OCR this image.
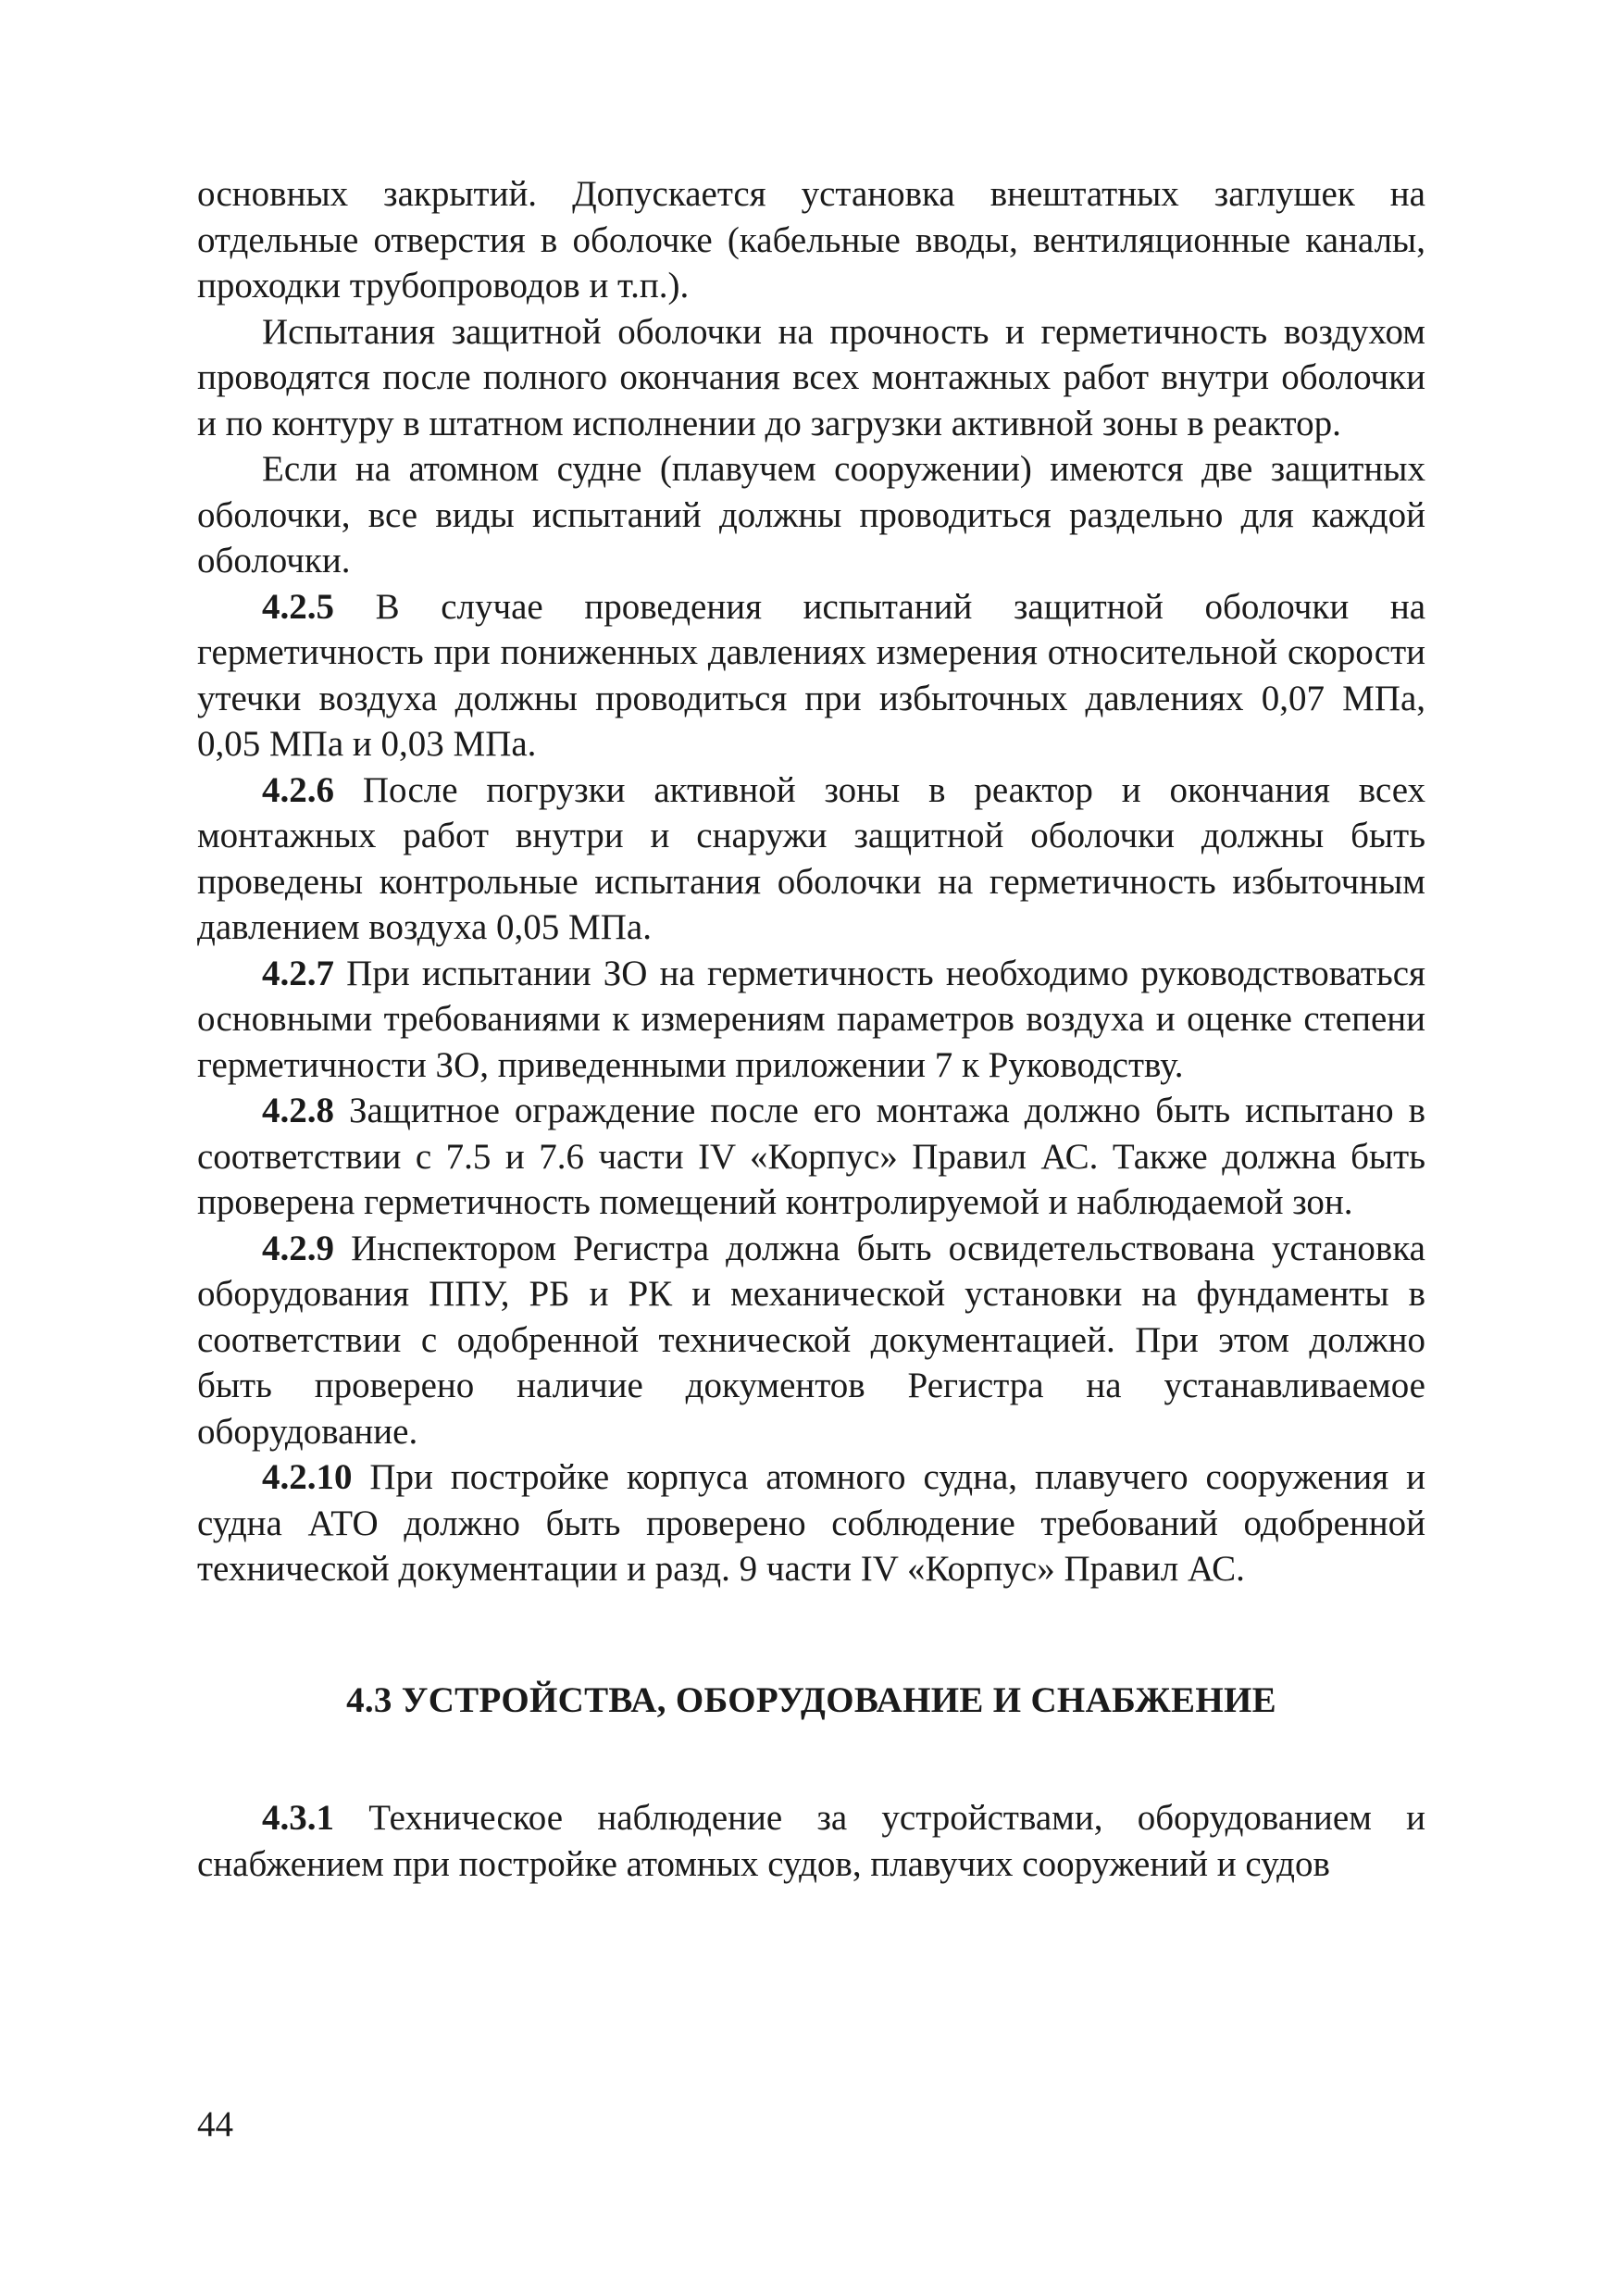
основных закрытий. Допускается установка внештатных заглушек на отдельные отверстия в оболочке (кабельные вводы, вентиляционные каналы, проходки трубопроводов и т.п.).

Испытания защитной оболочки на прочность и герметичность воздухом проводятся после полного окончания всех монтажных работ внутри оболочки и по контуру в штатном исполнении до загрузки активной зоны в реактор.

Если на атомном судне (плавучем сооружении) имеются две защитных оболочки, все виды испытаний должны проводиться раздельно для каждой оболочки.

4.2.5 В случае проведения испытаний защитной оболочки на герметичность при пониженных давлениях измерения относительной скорости утечки воздуха должны проводиться при избыточных давлениях 0,07 МПа, 0,05 МПа и 0,03 МПа.

4.2.6 После погрузки активной зоны в реактор и окончания всех монтажных работ внутри и снаружи защитной оболочки должны быть проведены контрольные испытания оболочки на герметичность избыточным давлением воздуха 0,05 МПа.

4.2.7 При испытании ЗО на герметичность необходимо руководствоваться основными требованиями к измерениям параметров воздуха и оценке степени герметичности ЗО, приведенными приложении 7 к Руководству.

4.2.8 Защитное ограждение после его монтажа должно быть испытано в соответствии с 7.5 и 7.6 части IV «Корпус» Правил АС. Также должна быть проверена герметичность помещений контролируемой и наблюдаемой зон.

4.2.9 Инспектором Регистра должна быть освидетельствована установка оборудования ППУ, РБ и РК и механической установки на фундаменты в соответствии с одобренной технической документацией. При этом должно быть проверено наличие документов Регистра на устанавливаемое оборудование.

4.2.10 При постройке корпуса атомного судна, плавучего сооружения и судна АТО должно быть проверено соблюдение требований одобренной технической документации и разд. 9 части IV «Корпус» Правил АС.

4.3 УСТРОЙСТВА, ОБОРУДОВАНИЕ И СНАБЖЕНИЕ

4.3.1 Техническое наблюдение за устройствами, оборудованием и снабжением при постройке атомных судов, плавучих сооружений и судов

44
